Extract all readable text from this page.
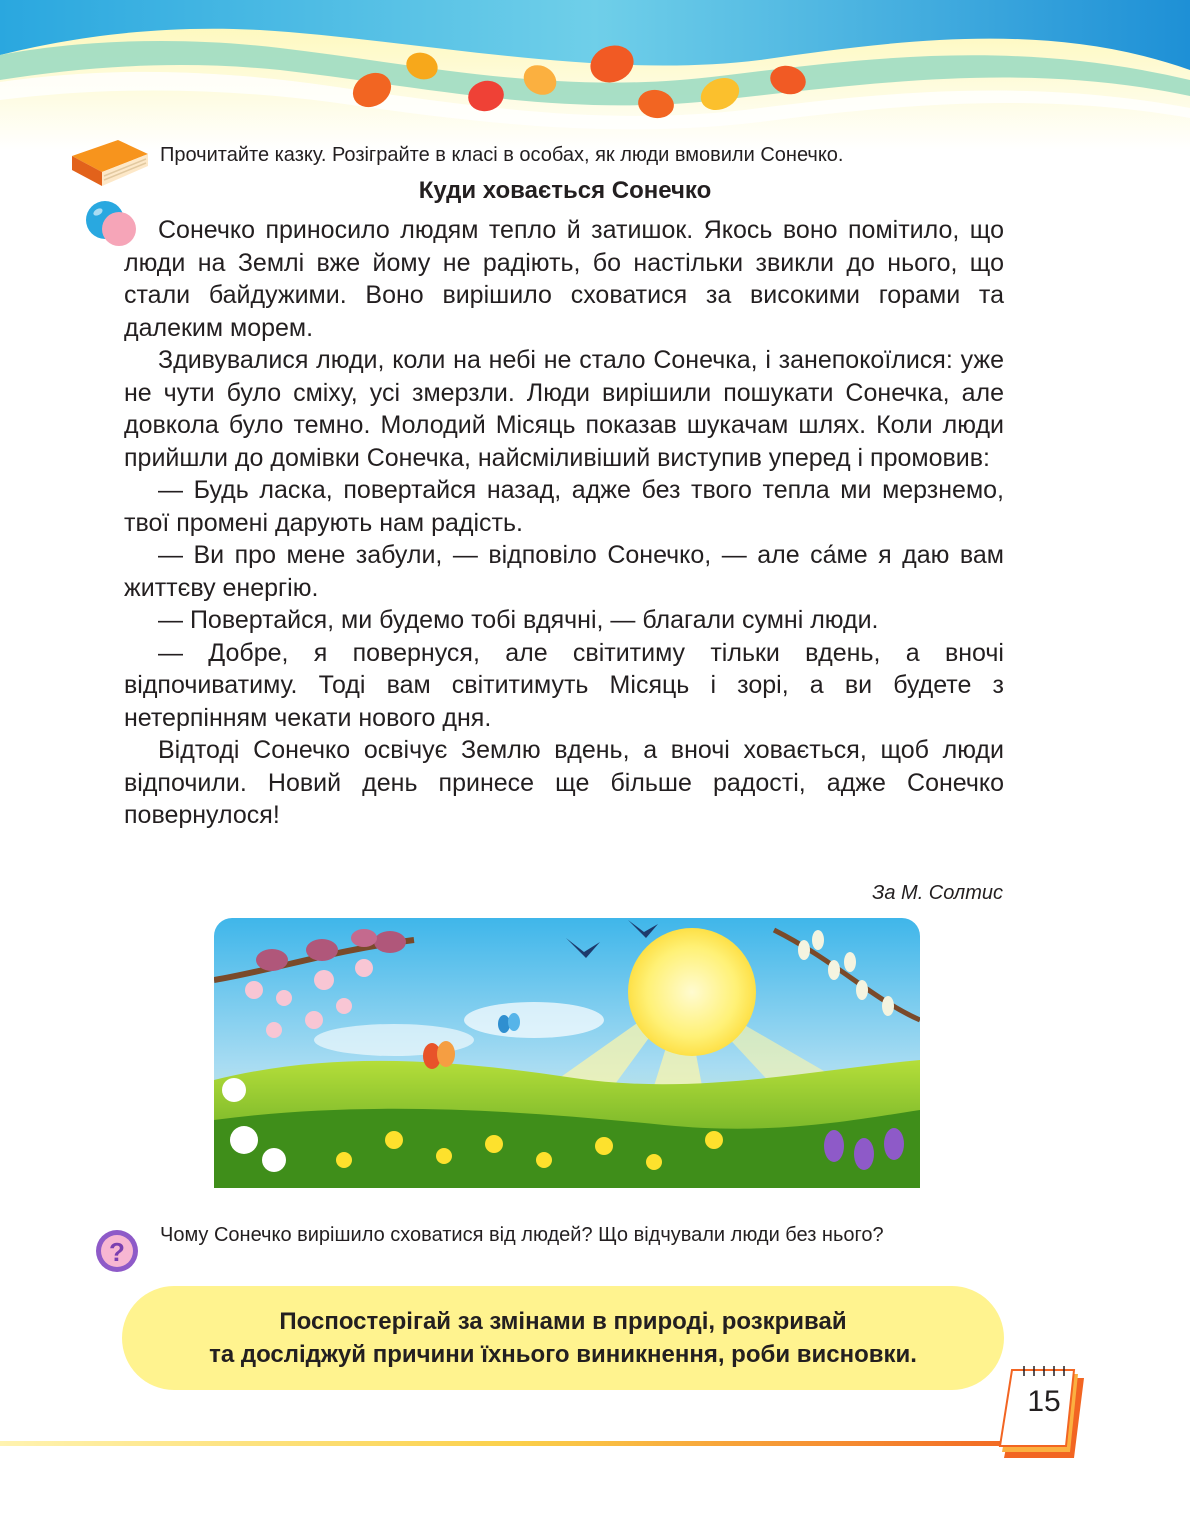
Прочитайте казку. Розіграйте в класі в особах, як люди вмовили Сонечко.
Куди ховається Сонечко

Сонечко приносило людям тепло й затишок. Якось воно помітило, що люди на Землі вже йому не радіють, бо настільки звикли до нього, що стали байдужими. Воно вирішило сховатися за високими горами та далеким морем.

Здивувалися люди, коли на небі не стало Сонечка, і занепокоїлися: уже не чути було сміху, усі змерзли. Люди вирішили пошукати Сонечка, але довкола було темно. Молодий Місяць показав шукачам шлях. Коли люди прийшли до домівки Сонечка, найсміливіший виступив уперед і промовив:

— Будь ласка, повертайся назад, адже без твого тепла ми мерзнемо, твої промені дарують нам радість.

— Ви про мене забули, — відповіло Сонечко, — але са́ме я даю вам життєву енергію.

— Повертайся, ми будемо тобі вдячні, — благали сумні люди.

— Добре, я повернуся, але світитиму тільки вдень, а вночі відпочиватиму. Тоді вам світитимуть Місяць і зорі, а ви будете з нетерпінням чекати нового дня.

Відтоді Сонечко освічує Землю вдень, а вночі ховається, щоб люди відпочили. Новий день принесе ще більше радості, адже Сонечко повернулося!

За М. Солтис
?
Чому Сонечко вирішило сховатися від людей? Що відчували люди без нього?
Поспостерігай за змінами в природі, розкривай
та досліджуй причини їхнього виникнення, роби висновки.
15
